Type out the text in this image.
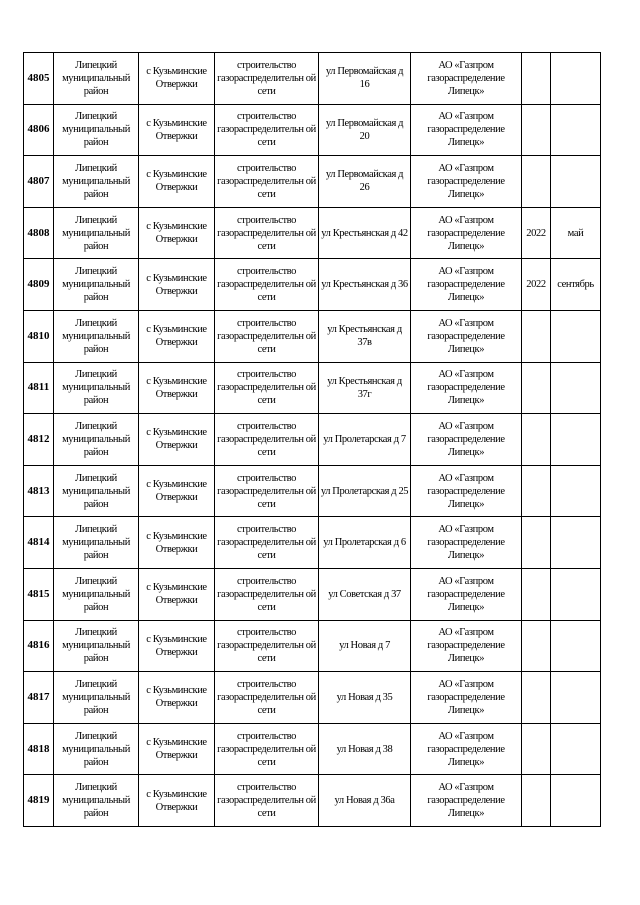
4805	Липецкий муниципальный район	с Кузьминские Отвержки	строительство газораспределительн ой сети	ул Первомайская д 16	АО «Газпром газораспределение Липецк»		
4806	Липецкий муниципальный район	с Кузьминские Отвержки	строительство газораспределительн ой сети	ул Первомайская д 20	АО «Газпром газораспределение Липецк»		
4807	Липецкий муниципальный район	с Кузьминские Отвержки	строительство газораспределительн ой сети	ул Первомайская д 26	АО «Газпром газораспределение Липецк»		
4808	Липецкий муниципальный район	с Кузьминские Отвержки	строительство газораспределительн ой сети	ул Крестьянская д 42	АО «Газпром газораспределение Липецк»	2022	май
4809	Липецкий муниципальный район	с Кузьминские Отвержки	строительство газораспределительн ой сети	ул Крестьянская д 36	АО «Газпром газораспределение Липецк»	2022	сентябрь
4810	Липецкий муниципальный район	с Кузьминские Отвержки	строительство газораспределительн ой сети	ул Крестьянская д 37в	АО «Газпром газораспределение Липецк»		
4811	Липецкий муниципальный район	с Кузьминские Отвержки	строительство газораспределительн ой сети	ул Крестьянская д 37г	АО «Газпром газораспределение Липецк»		
4812	Липецкий муниципальный район	с Кузьминские Отвержки	строительство газораспределительн ой сети	ул Пролетарская д 7	АО «Газпром газораспределение Липецк»		
4813	Липецкий муниципальный район	с Кузьминские Отвержки	строительство газораспределительн ой сети	ул Пролетарская д 25	АО «Газпром газораспределение Липецк»		
4814	Липецкий муниципальный район	с Кузьминские Отвержки	строительство газораспределительн ой сети	ул Пролетарская д 6	АО «Газпром газораспределение Липецк»		
4815	Липецкий муниципальный район	с Кузьминские Отвержки	строительство газораспределительн ой сети	ул Советская д 37	АО «Газпром газораспределение Липецк»		
4816	Липецкий муниципальный район	с Кузьминские Отвержки	строительство газораспределительн ой сети	ул Новая д 7	АО «Газпром газораспределение Липецк»		
4817	Липецкий муниципальный район	с Кузьминские Отвержки	строительство газораспределительн ой сети	ул Новая д 35	АО «Газпром газораспределение Липецк»		
4818	Липецкий муниципальный район	с Кузьминские Отвержки	строительство газораспределительн ой сети	ул Новая д 38	АО «Газпром газораспределение Липецк»		
4819	Липецкий муниципальный район	с Кузьминские Отвержки	строительство газораспределительн ой сети	ул Новая д 36а	АО «Газпром газораспределение Липецк»		
